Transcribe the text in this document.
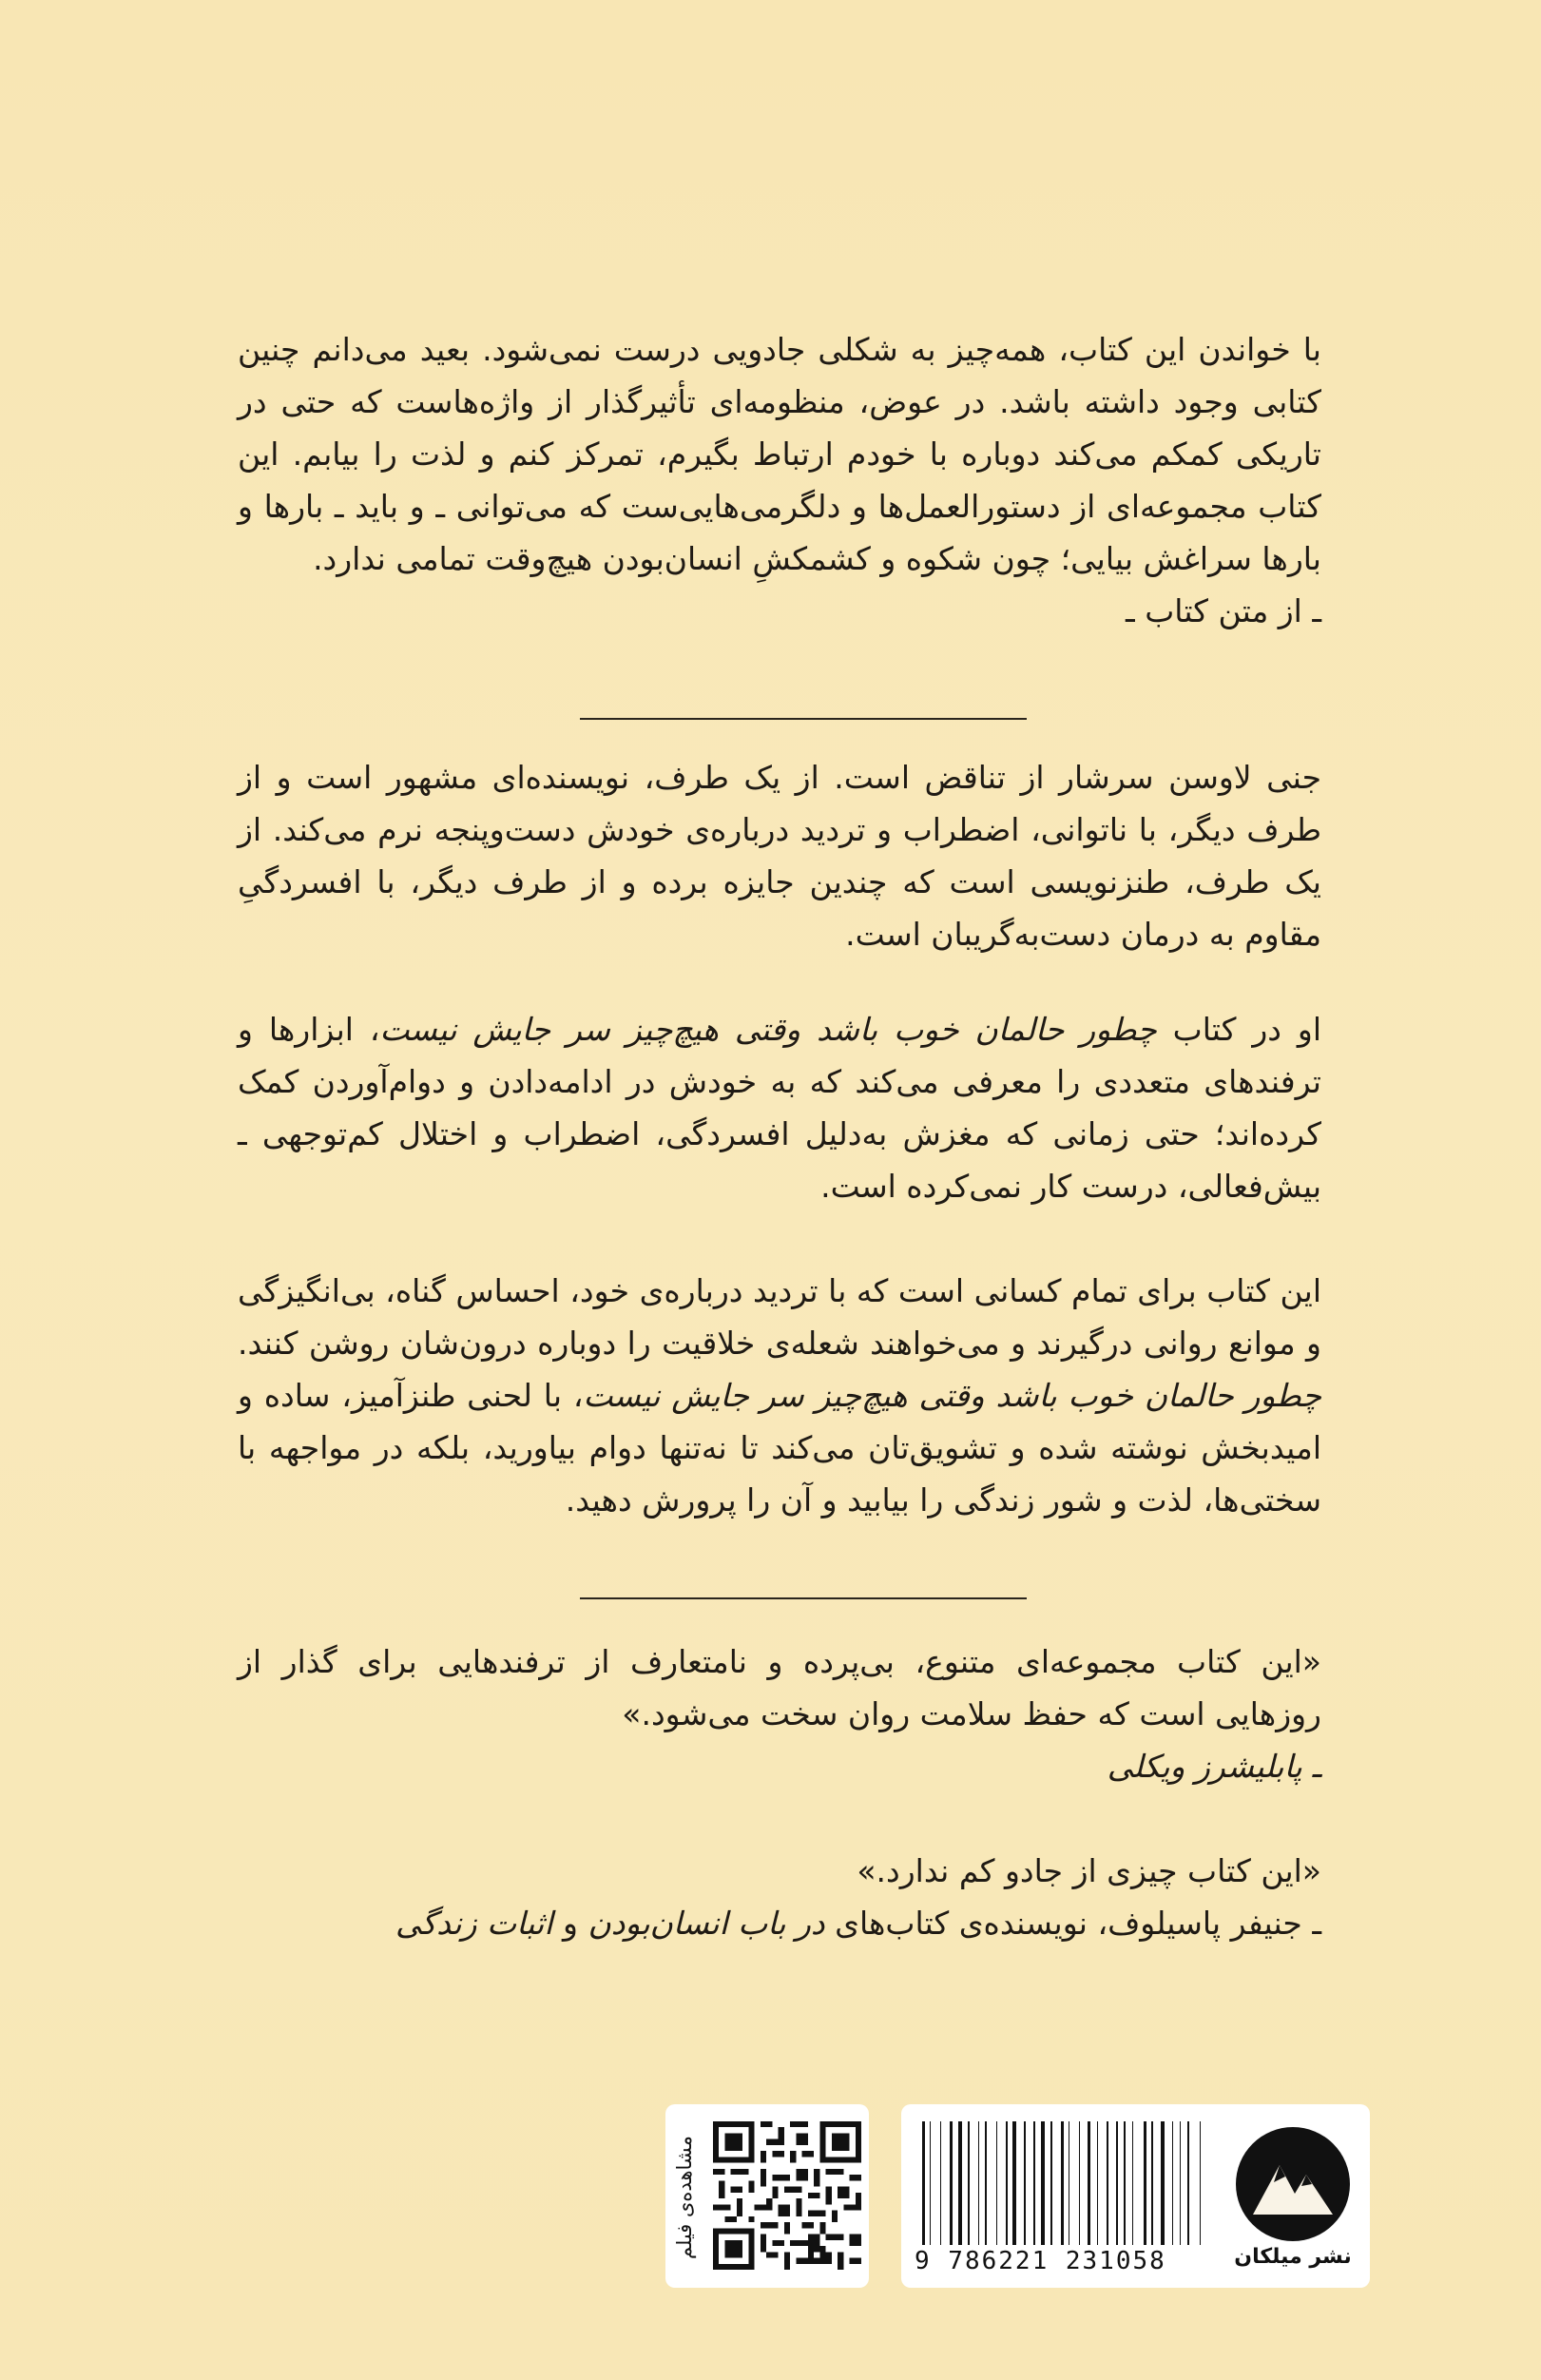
با خواندن این کتاب، همه‌چیز به شکلی جادویی درست نمی‌شود. بعید می‌دانم چنین کتابی وجود داشته باشد. در عوض، منظومه‌ای تأثیرگذار از واژه‌هاست که حتی در تاریکی کمکم می‌کند دوباره با خودم ارتباط بگیرم، تمرکز کنم و لذت را بیابم. این کتاب مجموعه‌ای از دستورالعمل‌ها و دلگرمی‌هایی‌ست که می‌توانی ـ و باید ـ بارها و بارها سراغش بیایی؛ چون شکوه و کشمکشِ انسان‌بودن هیچ‌وقت تمامی ندارد.

ـ از متن کتاب ـ

جنی لاوسن سرشار از تناقض است. از یک طرف، نویسنده‌ای مشهور است و از طرف دیگر، با ناتوانی، اضطراب و تردید درباره‌ی خودش دست‌وپنجه نرم می‌کند. از یک طرف، طنزنویسی است که چندین جایزه برده و از طرف دیگر، با افسردگیِ مقاوم به درمان دست‌به‌گریبان است.

او در کتاب چطور حالمان خوب باشد وقتی هیچ‌چیز سر جایش نیست، ابزارها و ترفندهای متعددی را معرفی می‌کند که به خودش در ادامه‌دادن و دوام‌آوردن کمک کرده‌اند؛ حتی زمانی که مغزش به‌دلیل افسردگی، اضطراب و اختلال کم‌توجهی ـ بیش‌فعالی، درست کار نمی‌کرده است.

این کتاب برای تمام کسانی است که با تردید درباره‌ی خود، احساس گناه، بی‌انگیزگی و موانع روانی درگیرند و می‌خواهند شعله‌ی خلاقیت را دوباره درون‌شان روشن کنند. چطور حالمان خوب باشد وقتی هیچ‌چیز سر جایش نیست، با لحنی طنزآمیز، ساده و امیدبخش نوشته شده و تشویق‌تان می‌کند تا نه‌تنها دوام بیاورید، بلکه در مواجهه با سختی‌ها، لذت و شور زندگی را بیابید و آن را پرورش دهید.

«این کتاب مجموعه‌ای متنوع، بی‌پرده و نامتعارف از ترفندهایی برای گذار از روزهایی است که حفظ سلامت روان سخت می‌شود.»

ـ پابلیشرز ویکلی

«این کتاب چیزی از جادو کم ندارد.»

ـ جنیفر پاسیلوف، نویسنده‌ی کتاب‌های در باب انسان‌بودن و اثبات زندگی
مشاهده‌ی فیلم
9 786221 231058	نشر میلکان
